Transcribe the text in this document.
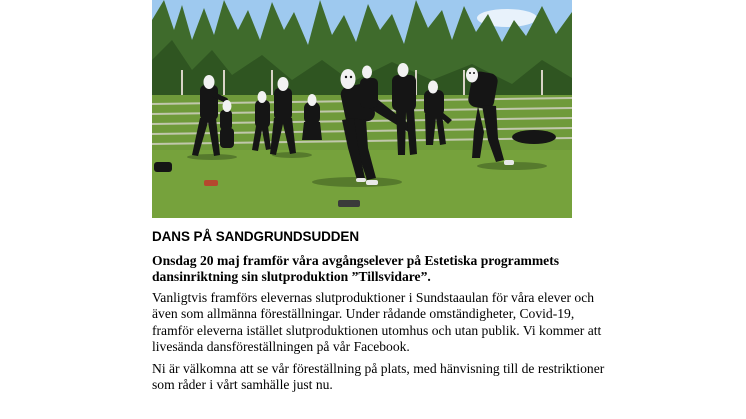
DANS PÅ SANDGRUNDSUDDEN
Onsdag 20 maj framför våra avgångselever på Estetiska programmets
dansinriktning sin slutproduktion ”Tillsvidare”.
Vanligtvis framförs elevernas slutproduktioner i Sundstaaulan för våra elever och
även som allmänna föreställningar. Under rådande omständigheter, Covid-19,
framför eleverna istället slutproduktionen utomhus och utan publik. Vi kommer att
livesända dansföreställningen på vår Facebook.
Ni är välkomna att se vår föreställning på plats, med hänvisning till de restriktioner
som råder i vårt samhälle just nu.
